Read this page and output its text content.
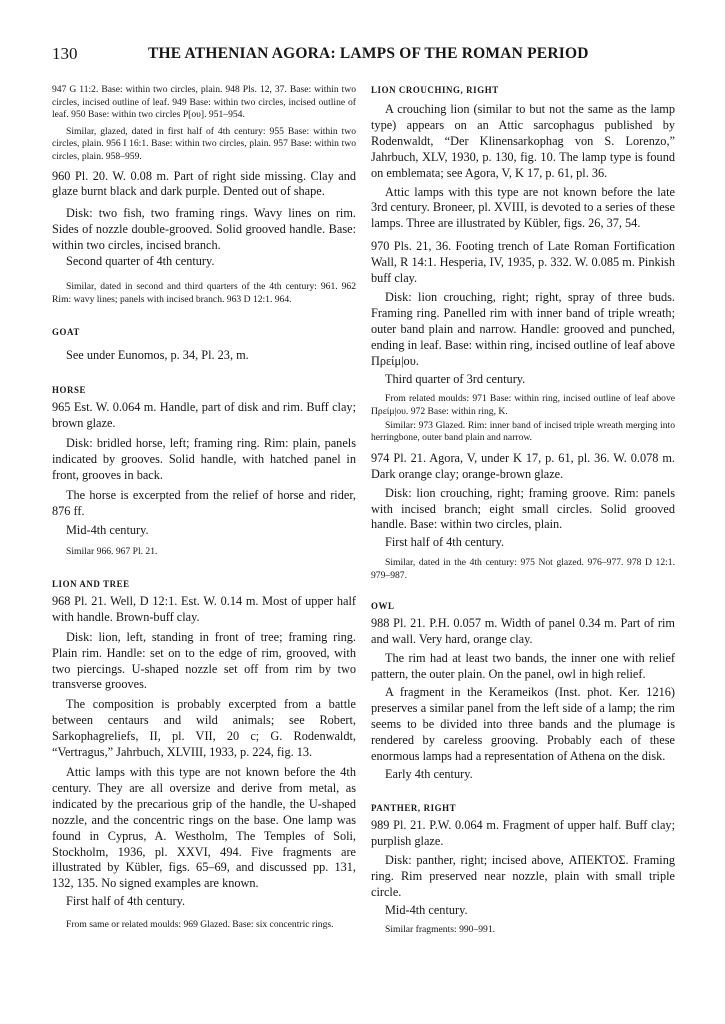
130	THE ATHENIAN AGORA: LAMPS OF THE ROMAN PERIOD
947 G 11:2. Base: within two circles, plain. 948 Pls. 12, 37. Base: within two circles, incised outline of leaf. 949 Base: within two circles, incised outline of leaf. 950 Base: within two circles P[ου]. 951–954.
Similar, glazed, dated in first half of 4th century: 955 Base: within two circles, plain. 956 I 16:1. Base: within two circles, plain. 957 Base: within two circles, plain. 958–959.
960 Pl. 20. W. 0.08 m. Part of right side missing. Clay and glaze burnt black and dark purple. Dented out of shape.
Disk: two fish, two framing rings. Wavy lines on rim. Sides of nozzle double-grooved. Solid grooved handle. Base: within two circles, incised branch.
Second quarter of 4th century.
Similar, dated in second and third quarters of the 4th century: 961. 962 Rim: wavy lines; panels with incised branch. 963 D 12:1. 964.
GOAT
See under Eunomos, p. 34, Pl. 23, m.
HORSE
965 Est. W. 0.064 m. Handle, part of disk and rim. Buff clay; brown glaze.
Disk: bridled horse, left; framing ring. Rim: plain, panels indicated by grooves. Solid handle, with hatched panel in front, grooves in back.
The horse is excerpted from the relief of horse and rider, 876 ff.
Mid-4th century.
Similar 966. 967 Pl. 21.
LION AND TREE
968 Pl. 21. Well, D 12:1. Est. W. 0.14 m. Most of upper half with handle. Brown-buff clay.
Disk: lion, left, standing in front of tree; framing ring. Plain rim. Handle: set on to the edge of rim, grooved, with two piercings. U-shaped nozzle set off from rim by two transverse grooves.
The composition is probably excerpted from a battle between centaurs and wild animals; see Robert, Sarkophagreliefs, II, pl. VII, 20 c; G. Rodenwaldt, “Vertragus,” Jahrbuch, XLVIII, 1933, p. 224, fig. 13.
Attic lamps with this type are not known before the 4th century. They are all oversize and derive from metal, as indicated by the precarious grip of the handle, the U-shaped nozzle, and the concentric rings on the base. One lamp was found in Cyprus, A. Westholm, The Temples of Soli, Stockholm, 1936, pl. XXVI, 494. Five fragments are illustrated by Kübler, figs. 65–69, and discussed pp. 131, 132, 135. No signed examples are known.
First half of 4th century.
From same or related moulds: 969 Glazed. Base: six concentric rings.
LION CROUCHING, RIGHT
A crouching lion (similar to but not the same as the lamp type) appears on an Attic sarcophagus published by Rodenwaldt, “Der Klinensarkophag von S. Lorenzo,” Jahrbuch, XLV, 1930, p. 130, fig. 10. The lamp type is found on emblemata; see Agora, V, K 17, p. 61, pl. 36.
Attic lamps with this type are not known before the late 3rd century. Broneer, pl. XVIII, is devoted to a series of these lamps. Three are illustrated by Kübler, figs. 26, 37, 54.
970 Pls. 21, 36. Footing trench of Late Roman Fortification Wall, R 14:1. Hesperia, IV, 1935, p. 332. W. 0.085 m. Pinkish buff clay.
Disk: lion crouching, right; right, spray of three buds. Framing ring. Panelled rim with inner band of triple wreath; outer band plain and narrow. Handle: grooved and punched, ending in leaf. Base: within ring, incised outline of leaf above Πρείμ|ου.
Third quarter of 3rd century.
From related moulds: 971 Base: within ring, incised outline of leaf above Πρείμ|ου. 972 Base: within ring, K.
Similar: 973 Glazed. Rim: inner band of incised triple wreath merging into herringbone, outer band plain and narrow.
974 Pl. 21. Agora, V, under K 17, p. 61, pl. 36. W. 0.078 m. Dark orange clay; orange-brown glaze.
Disk: lion crouching, right; framing groove. Rim: panels with incised branch; eight small circles. Solid grooved handle. Base: within two circles, plain.
First half of 4th century.
Similar, dated in the 4th century: 975 Not glazed. 976–977. 978 D 12:1. 979–987.
OWL
988 Pl. 21. P.H. 0.057 m. Width of panel 0.34 m. Part of rim and wall. Very hard, orange clay.
The rim had at least two bands, the inner one with relief pattern, the outer plain. On the panel, owl in high relief.
A fragment in the Kerameikos (Inst. phot. Ker. 1216) preserves a similar panel from the left side of a lamp; the rim seems to be divided into three bands and the plumage is rendered by careless grooving. Probably each of these enormous lamps had a representation of Athena on the disk.
Early 4th century.
PANTHER, RIGHT
989 Pl. 21. P.W. 0.064 m. Fragment of upper half. Buff clay; purplish glaze.
Disk: panther, right; incised above, ΑΠΕΚΤΟΣ. Framing ring. Rim preserved near nozzle, plain with small triple circle.
Mid-4th century.
Similar fragments: 990–991.
